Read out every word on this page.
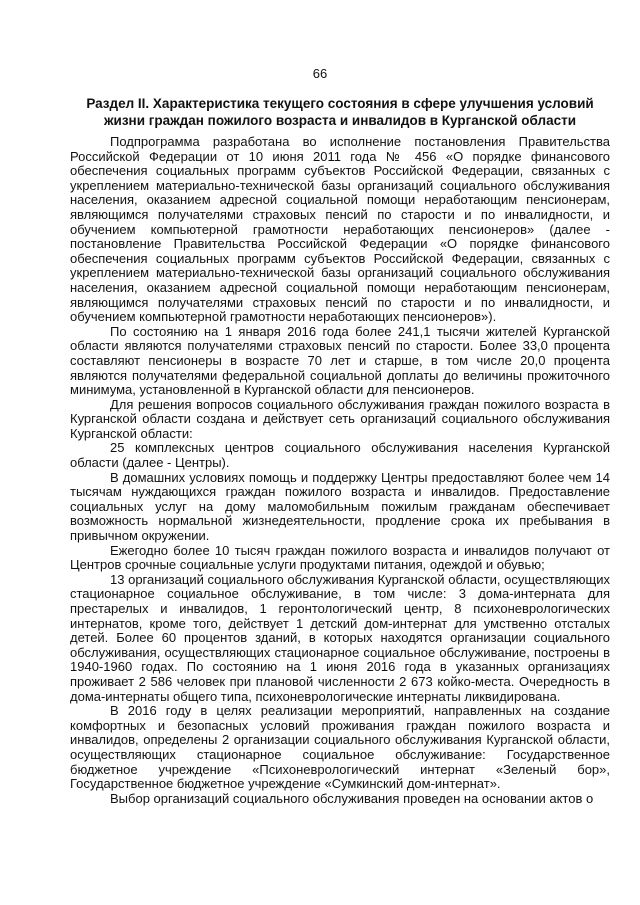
66
Раздел II. Характеристика текущего состояния в сфере улучшения условий жизни граждан пожилого возраста и инвалидов в Курганской области

Подпрограмма разработана во исполнение постановления Правительства Российской Федерации от 10 июня 2011 года № 456 «О порядке финансового обеспечения социальных программ субъектов Российской Федерации, связанных с укреплением материально-технической базы организаций социального обслуживания населения, оказанием адресной социальной помощи неработающим пенсионерам, являющимся получателями страховых пенсий по старости и по инвалидности, и обучением компьютерной грамотности неработающих пенсионеров» (далее - постановление Правительства Российской Федерации «О порядке финансового обеспечения социальных программ субъектов Российской Федерации, связанных с укреплением материально-технической базы организаций социального обслуживания населения, оказанием адресной социальной помощи неработающим пенсионерам, являющимся получателями страховых пенсий по старости и по инвалидности, и обучением компьютерной грамотности неработающих пенсионеров»).

По состоянию на 1 января 2016 года более 241,1 тысячи жителей Курганской области являются получателями страховых пенсий по старости. Более 33,0 процента составляют пенсионеры в возрасте 70 лет и старше, в том числе 20,0 процента являются получателями федеральной социальной доплаты до величины прожиточного минимума, установленной в Курганской области для пенсионеров.

Для решения вопросов социального обслуживания граждан пожилого возраста в Курганской области создана и действует сеть организаций социального обслуживания Курганской области:

25 комплексных центров социального обслуживания населения Курганской области (далее - Центры).

В домашних условиях помощь и поддержку Центры предоставляют более чем 14 тысячам нуждающихся граждан пожилого возраста и инвалидов. Предоставление социальных услуг на дому маломобильным пожилым гражданам обеспечивает возможность нормальной жизнедеятельности, продление срока их пребывания в привычном окружении.

Ежегодно более 10 тысяч граждан пожилого возраста и инвалидов получают от Центров срочные социальные услуги продуктами питания, одеждой и обувью;

13 организаций социального обслуживания Курганской области, осуществляющих стационарное социальное обслуживание, в том числе: 3 дома-интерната для престарелых и инвалидов, 1 геронтологический центр, 8 психоневрологических интернатов, кроме того, действует 1 детский дом-интернат для умственно отсталых детей. Более 60 процентов зданий, в которых находятся организации социального обслуживания, осуществляющих стационарное социальное обслуживание, построены в 1940-1960 годах. По состоянию на 1 июня 2016 года в указанных организациях проживает 2 586 человек при плановой численности 2 673 койко-места. Очередность в дома-интернаты общего типа, психоневрологические интернаты ликвидирована.

В 2016 году в целях реализации мероприятий, направленных на создание комфортных и безопасных условий проживания граждан пожилого возраста и инвалидов, определены 2 организации социального обслуживания Курганской области, осуществляющих стационарное социальное обслуживание: Государственное бюджетное учреждение «Психоневрологический интернат «Зеленый бор», Государственное бюджетное учреждение «Сумкинский дом-интернат».

Выбор организаций социального обслуживания проведен на основании актов о
